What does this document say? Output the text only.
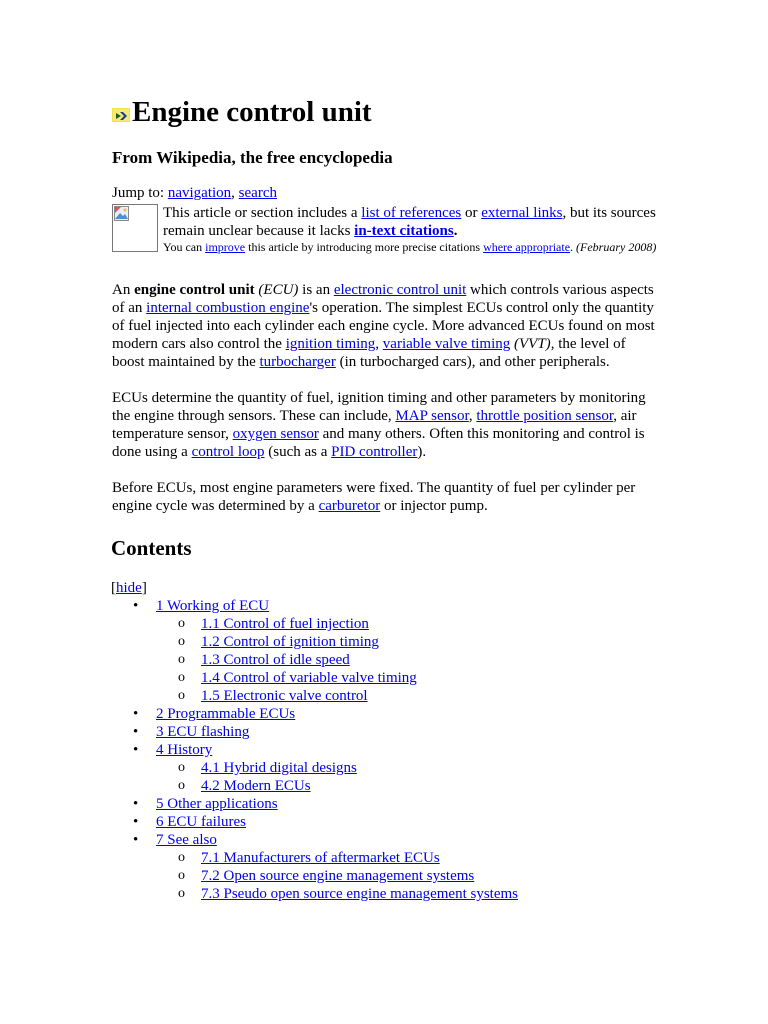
Engine control unit
From Wikipedia, the free encyclopedia
Jump to: navigation, search
This article or section includes a list of references or external links, but its sources remain unclear because it lacks in-text citations.
You can improve this article by introducing more precise citations where appropriate. (February 2008)

An engine control unit (ECU) is an electronic control unit which controls various aspects of an internal combustion engine's operation. The simplest ECUs control only the quantity of fuel injected into each cylinder each engine cycle. More advanced ECUs found on most modern cars also control the ignition timing, variable valve timing (VVT), the level of boost maintained by the turbocharger (in turbocharged cars), and other peripherals.

ECUs determine the quantity of fuel, ignition timing and other parameters by monitoring the engine through sensors. These can include, MAP sensor, throttle position sensor, air temperature sensor, oxygen sensor and many others. Often this monitoring and control is done using a control loop (such as a PID controller).

Before ECUs, most engine parameters were fixed. The quantity of fuel per cylinder per engine cycle was determined by a carburetor or injector pump.

Contents
[hide]
• 1 Working of ECU
o 1.1 Control of fuel injection
o 1.2 Control of ignition timing
o 1.3 Control of idle speed
o 1.4 Control of variable valve timing
o 1.5 Electronic valve control
• 2 Programmable ECUs
• 3 ECU flashing
• 4 History
o 4.1 Hybrid digital designs
o 4.2 Modern ECUs
• 5 Other applications
• 6 ECU failures
• 7 See also
o 7.1 Manufacturers of aftermarket ECUs
o 7.2 Open source engine management systems
o 7.3 Pseudo open source engine management systems
